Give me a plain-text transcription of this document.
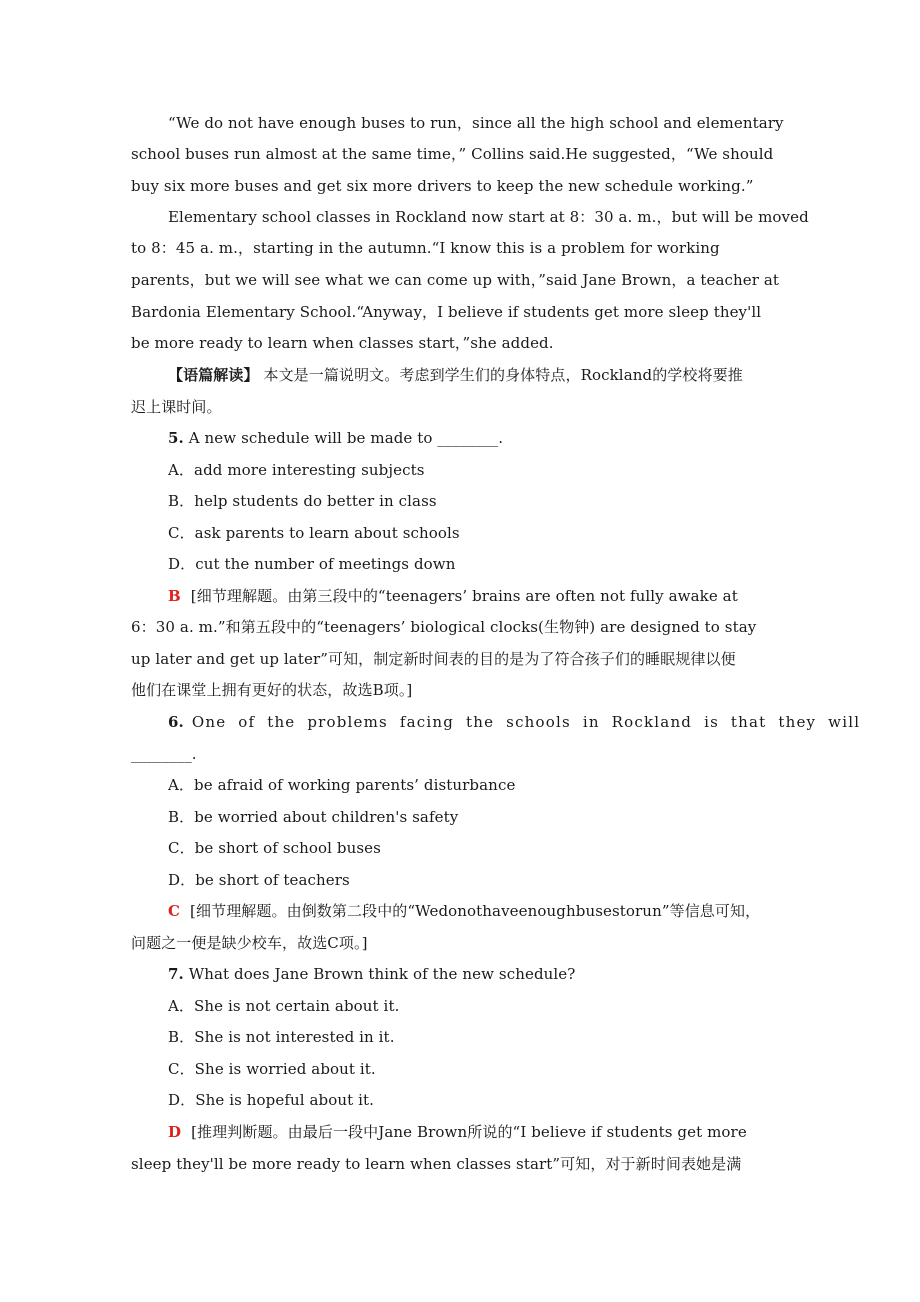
“We do not have enough buses to run，since all the high school and elementary
school buses run almost at the same time，” Collins said.He suggested，“We should
buy six more buses and get six more drivers to keep the new schedule working.”
Elementary school classes in Rockland now start at 8：30 a. m.，but will be moved
to 8：45 a. m.，starting in the autumn.“I know this is a problem for working
parents，but we will see what we can come up with，”said Jane Brown，a teacher at
Bardonia Elementary School.“Anyway，I believe if students get more sleep they'll
be more ready to learn when classes start，”she added.
【语篇解读】 本文是一篇说明文。考虑到学生们的身体特点，Rockland的学校将要推
迟上课时间。
5. A new schedule will be made to ________.
A．add more interesting subjects
B．help students do better in class
C．ask parents to learn about schools
D．cut the number of meetings down
B [细节理解题。由第三段中的“teenagers’ brains are often not fully awake at
6：30 a. m.”和第五段中的“teenagers’ biological clocks(生物钟) are designed to stay
up later and get up later”可知，制定新时间表的目的是为了符合孩子们的睡眠规律以便
他们在课堂上拥有更好的状态，故选B项。]
6. One of the problems facing the schools in Rockland is that they will
________.
A．be afraid of working parents’ disturbance
B．be worried about children's safety
C．be short of school buses
D．be short of teachers
C [细节理解题。由倒数第二段中的“Wedonothaveenoughbusestorun”等信息可知，
问题之一便是缺少校车，故选C项。]
7. What does Jane Brown think of the new schedule?
A．She is not certain about it.
B．She is not interested in it.
C．She is worried about it.
D．She is hopeful about it.
D [推理判断题。由最后一段中Jane Brown所说的“I believe if students get more
sleep they'll be more ready to learn when classes start”可知，对于新时间表她是满
